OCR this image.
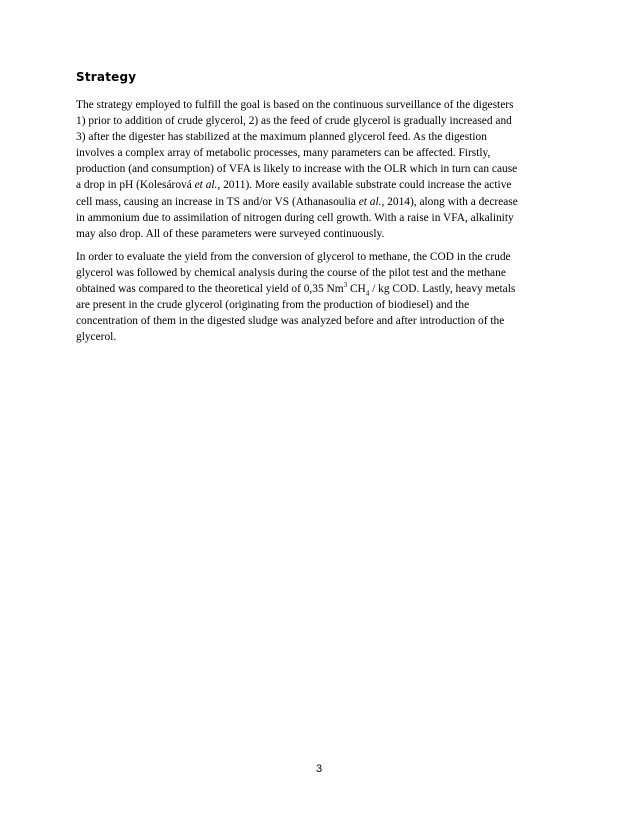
Strategy
The strategy employed to fulfill the goal is based on the continuous surveillance of the digesters
1) prior to addition of crude glycerol, 2) as the feed of crude glycerol is gradually increased and
3) after the digester has stabilized at the maximum planned glycerol feed. As the digestion
involves a complex array of metabolic processes, many parameters can be affected. Firstly,
production (and consumption) of VFA is likely to increase with the OLR which in turn can cause
a drop in pH (Kolesárová et al., 2011). More easily available substrate could increase the active
cell mass, causing an increase in TS and/or VS (Athanasoulia et al., 2014), along with a decrease
in ammonium due to assimilation of nitrogen during cell growth. With a raise in VFA, alkalinity
may also drop. All of these parameters were surveyed continuously.
In order to evaluate the yield from the conversion of glycerol to methane, the COD in the crude
glycerol was followed by chemical analysis during the course of the pilot test and the methane
obtained was compared to the theoretical yield of 0,35 Nm$^3$ $CH_4$ / kg COD. Lastly, heavy metals
are present in the crude glycerol (originating from the production of biodiesel) and the
concentration of them in the digested sludge was analyzed before and after introduction of the
glycerol.
3
